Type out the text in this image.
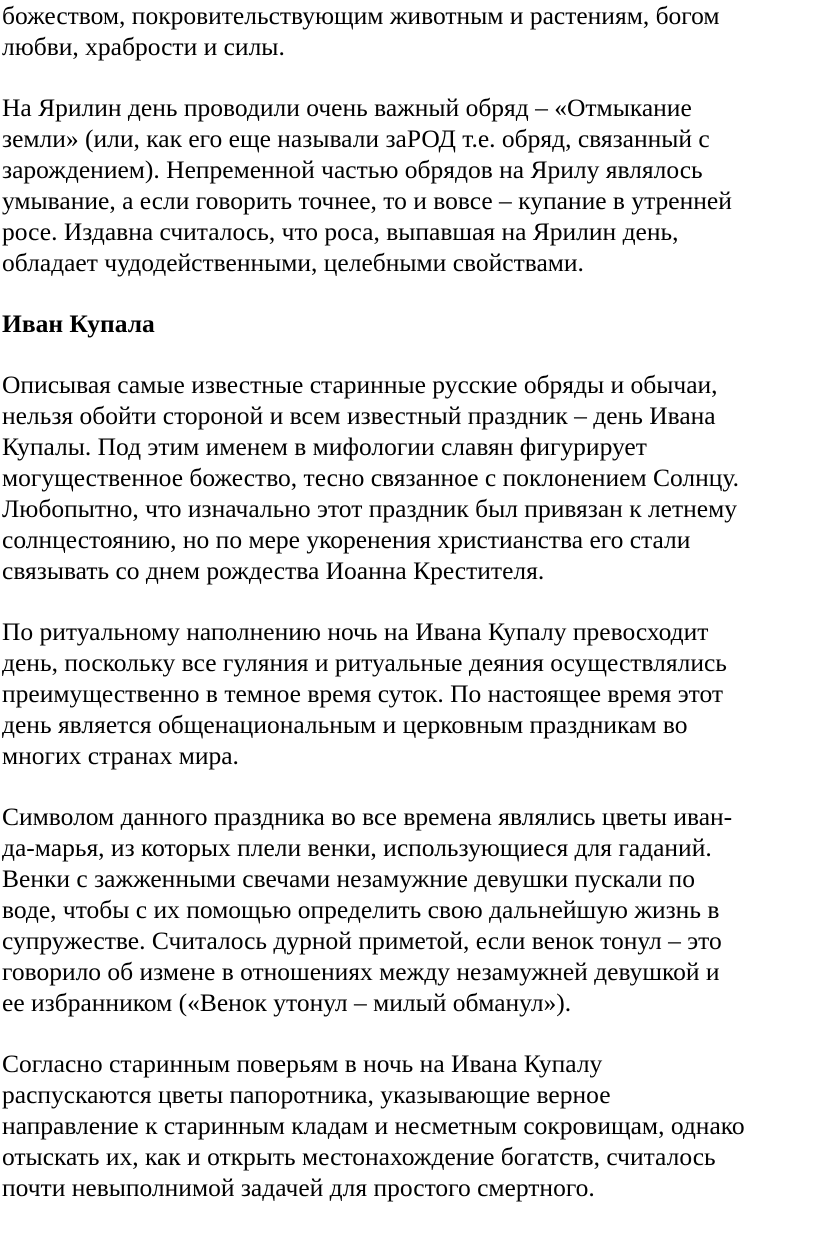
божеством, покровительствующим животным и растениям, богом
любви, храбрости и силы.

На Ярилин день проводили очень важный обряд – «Отмыкание
земли» (или, как его еще называли заРОД т.е. обряд, связанный с
зарождением). Непременной частью обрядов на Ярилу являлось
умывание, а если говорить точнее, то и вовсе – купание в утренней
росе. Издавна считалось, что роса, выпавшая на Ярилин день,
обладает чудодейственными, целебными свойствами.

Иван Купала

Описывая самые известные старинные русские обряды и обычаи,
нельзя обойти стороной и всем известный праздник – день Ивана
Купалы. Под этим именем в мифологии славян фигурирует
могущественное божество, тесно связанное с поклонением Солнцу.
Любопытно, что изначально этот праздник был привязан к летнему
солнцестоянию, но по мере укоренения христианства его стали
связывать со днем рождества Иоанна Крестителя.

По ритуальному наполнению ночь на Ивана Купалу превосходит
день, поскольку все гуляния и ритуальные деяния осуществлялись
преимущественно в темное время суток. По настоящее время этот
день является общенациональным и церковным праздникам во
многих странах мира.

Символом данного праздника во все времена являлись цветы иван-
да-марья, из которых плели венки, использующиеся для гаданий.
Венки с зажженными свечами незамужние девушки пускали по
воде, чтобы с их помощью определить свою дальнейшую жизнь в
супружестве. Считалось дурной приметой, если венок тонул – это
говорило об измене в отношениях между незамужней девушкой и
ее избранником («Венок утонул – милый обманул»).

Согласно старинным поверьям в ночь на Ивана Купалу
распускаются цветы папоротника, указывающие верное
направление к старинным кладам и несметным сокровищам, однако
отыскать их, как и открыть местонахождение богатств, считалось
почти невыполнимой задачей для простого смертного.
